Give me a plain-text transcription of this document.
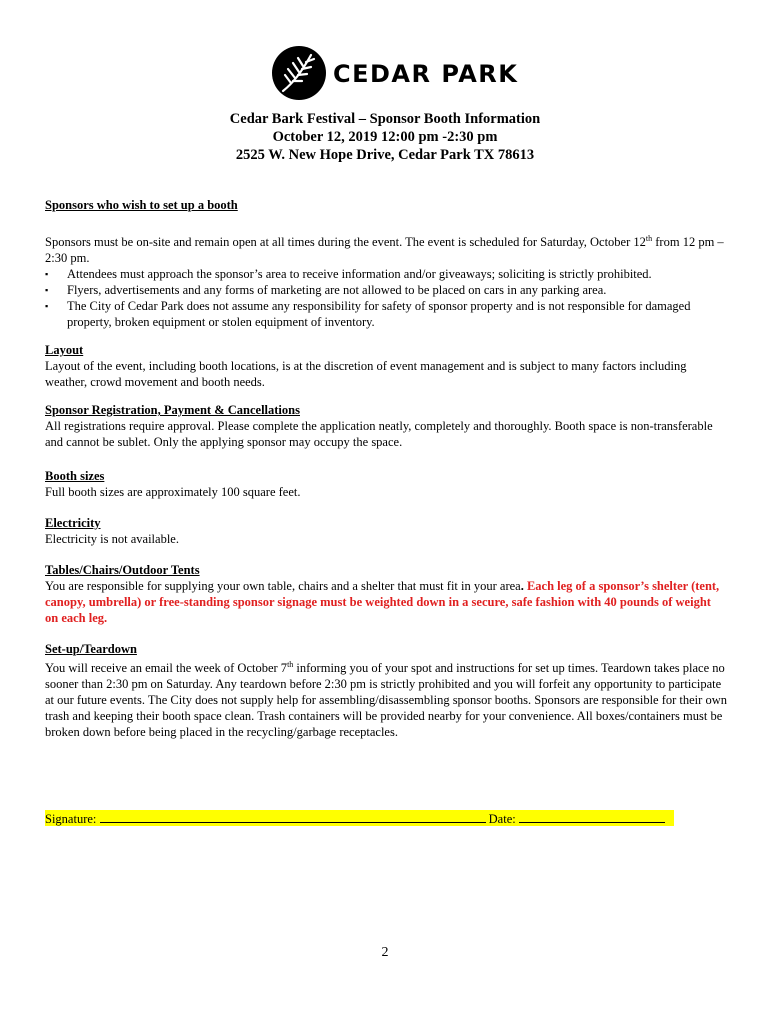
CEDAR PARK
Cedar Bark Festival – Sponsor Booth Information
October 12, 2019 12:00 pm -2:30 pm
2525 W. New Hope Drive, Cedar Park TX 78613
Sponsors who wish to set up a booth

Sponsors must be on-site and remain open at all times during the event. The event is scheduled for Saturday, October 12th from 12 pm – 2:30 pm.

▪ Attendees must approach the sponsor’s area to receive information and/or giveaways; soliciting is strictly prohibited.
▪ Flyers, advertisements and any forms of marketing are not allowed to be placed on cars in any parking area.
▪ The City of Cedar Park does not assume any responsibility for safety of sponsor property and is not responsible for damaged property, broken equipment or stolen equipment of inventory.
Layout

Layout of the event, including booth locations, is at the discretion of event management and is subject to many factors including weather, crowd movement and booth needs.

Sponsor Registration, Payment & Cancellations

All registrations require approval. Please complete the application neatly, completely and thoroughly. Booth space is non-transferable and cannot be sublet. Only the applying sponsor may occupy the space.

Booth sizes

Full booth sizes are approximately 100 square feet.

Electricity

Electricity is not available.

Tables/Chairs/Outdoor Tents

You are responsible for supplying your own table, chairs and a shelter that must fit in your area. Each leg of a sponsor’s shelter (tent, canopy, umbrella) or free-standing sponsor signage must be weighted down in a secure, safe fashion with 40 pounds of weight on each leg.

Set-up/Teardown

You will receive an email the week of October 7th informing you of your spot and instructions for set up times. Teardown takes place no sooner than 2:30 pm on Saturday. Any teardown before 2:30 pm is strictly prohibited and you will forfeit any opportunity to participate at our future events. The City does not supply help for assembling/disassembling sponsor booths. Sponsors are responsible for their own trash and keeping their booth space clean. Trash containers will be provided nearby for your convenience. All boxes/containers must be broken down before being placed in the recycling/garbage receptacles.

Signature:	Date:
2
